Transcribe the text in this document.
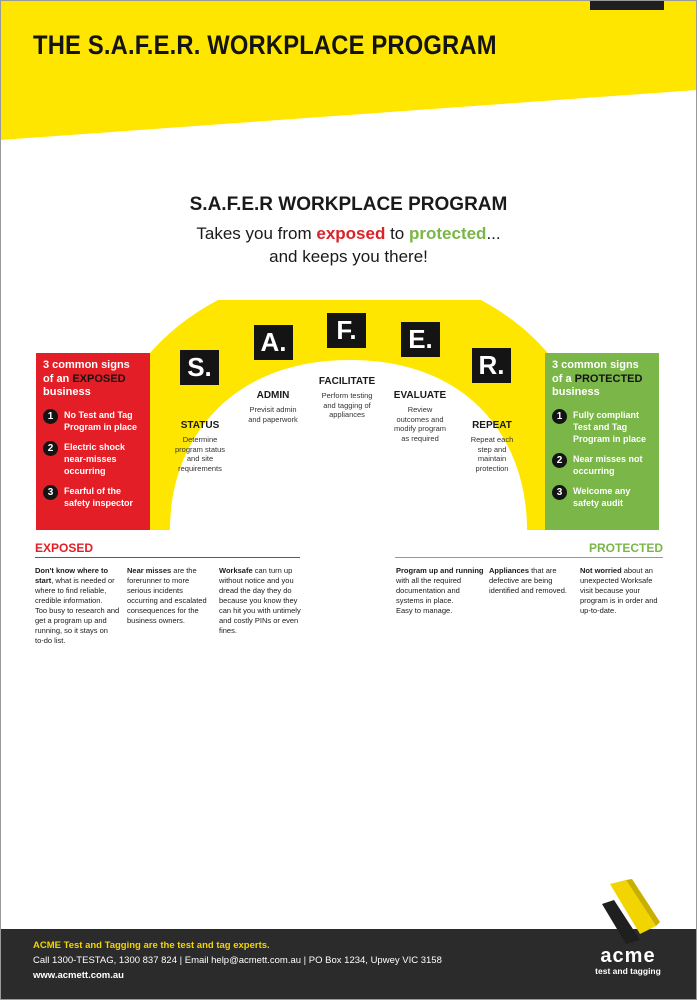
THE S.A.F.E.R. WORKPLACE PROGRAM
S.A.F.E.R WORKPLACE PROGRAM
Takes you from exposed to protected...
and keeps you there!
S.
A.	F.	E.
R.
STATUS
Determine
program status
and site
requirements
ADMIN
Previsit admin
and paperwork
FACILITATE
Perform testing
and tagging of
appliances
EVALUATE
Review
outcomes and
modify program
as required
REPEAT
Repeat each
step and
maintain
protection
3 common signs
of an EXPOSED
business
1	No Test and Tag
Program in place
2	Electric shock
near-misses
occurring
3	Fearful of the
safety inspector
3 common signs
of a PROTECTED
business
1	Fully compliant
Test and Tag
Program in place
2	Near misses not
occurring
3	Welcome any
safety audit
EXPOSED
Don't know where to
start, what is needed or
where to find reliable,
credible information.
Too busy to research and
get a program up and
running, so it stays on
to-do list.
Near misses are the
forerunner to more
serious incidents
occurring and escalated
consequences for the
business owners.
Worksafe can turn up
without notice and you
dread the day they do
because you know they
can hit you with untimely
and costly PINs or even
fines.
PROTECTED
Program up and running
with all the required
documentation and
systems in place.
Easy to manage.
Appliances that are
defective are being
identified and removed.
Not worried about an
unexpected Worksafe
visit because your
program is in order and
up-to-date.
ACME Test and Tagging are the test and tag experts.
Call 1300-TESTAG, 1300 837 824 | Email help@acmett.com.au | PO Box 1234, Upwey VIC 3158
www.acmett.com.au
acme
test and tagging
